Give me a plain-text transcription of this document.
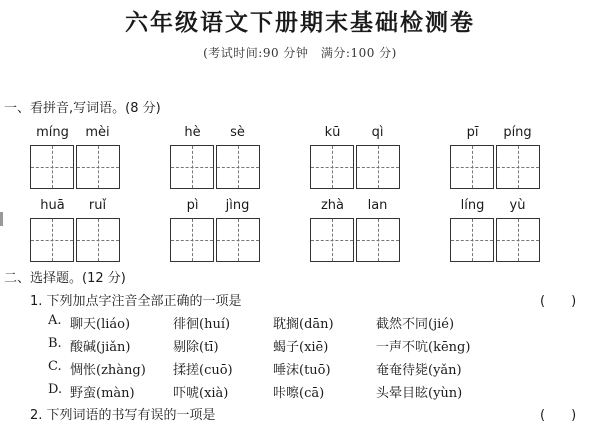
六年级语文下册期末基础检测卷
(考试时间:90 分钟　满分:100 分)
一、看拼音,写词语。(8 分)
míng	mèi	hè	sè	kū	qì	pī	píng
huā	ruǐ	pì	jìng	zhà	lan	líng	yù
二、选择题。(12 分)
1. 下列加点字注音全部正确的一项是	(　　)
A. 聊天(liáo)	徘徊(huí)	耽搁(dān)	截然不同(jié)
B. 酸碱(jiǎn)	剔除(tī)	蝎子(xiē)	一声不吭(kēng)
C. 惆怅(zhàng) 揉搓(cuō)	唾沫(tuō)	奄奄待毙(yǎn)
D. 野蛮(màn)	吓唬(xià)	咔嚓(cā)	头晕目眩(yùn)
2. 下列词语的书写有误的一项是	(　　)
